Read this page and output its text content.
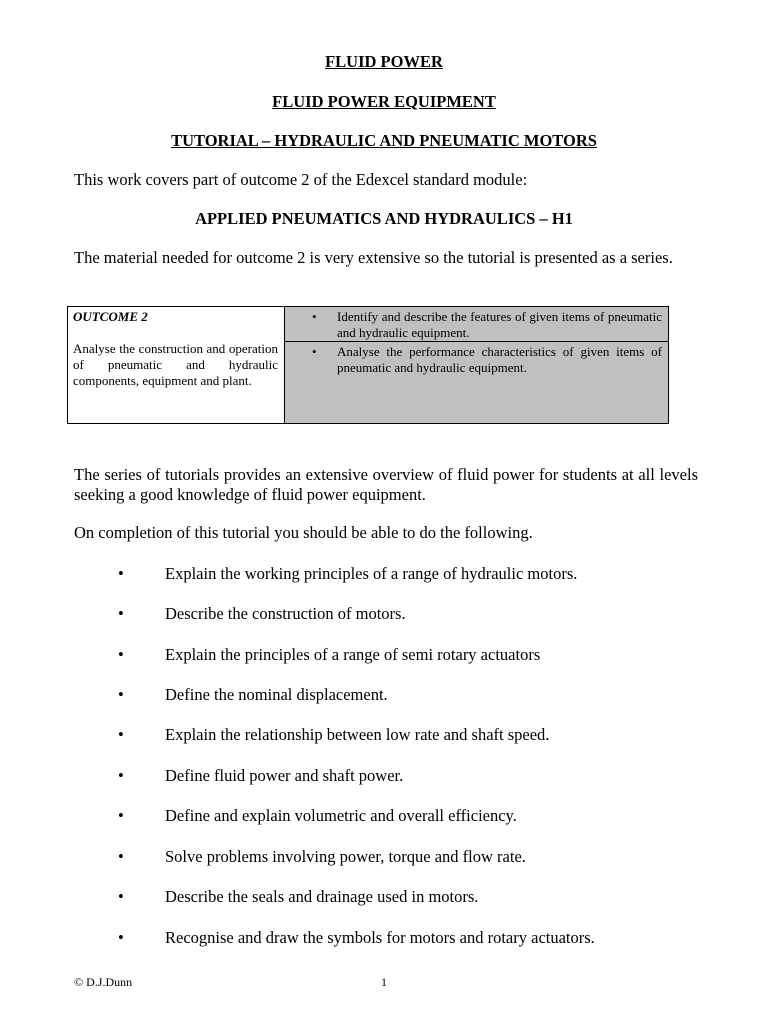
FLUID POWER
FLUID POWER EQUIPMENT
TUTORIAL – HYDRAULIC AND PNEUMATIC MOTORS

This work covers part of outcome 2 of the Edexcel standard module:

APPLIED PNEUMATICS AND HYDRAULICS – H1

The material needed for outcome 2 is very extensive so the tutorial is presented as a series.

OUTCOME 2
Analyse the construction and operation of pneumatic and hydraulic components, equipment and plant.
• Identify and describe the features of given items of pneumatic and hydraulic equipment.
• Analyse the performance characteristics of given items of pneumatic and hydraulic equipment.

The series of tutorials provides an extensive overview of fluid power for students at all levels seeking a good knowledge of fluid power equipment.

On completion of this tutorial you should be able to do the following.

• Explain the working principles of a range of hydraulic motors.
• Describe the construction of motors.
• Explain the principles of a range of semi rotary actuators
• Define the nominal displacement.
• Explain the relationship between low rate and shaft speed.
• Define fluid power and shaft power.
• Define and explain volumetric and overall efficiency.
• Solve problems involving power, torque and flow rate.
• Describe the seals and drainage used in motors.
• Recognise and draw the symbols for motors and rotary actuators.
© D.J.Dunn	1
